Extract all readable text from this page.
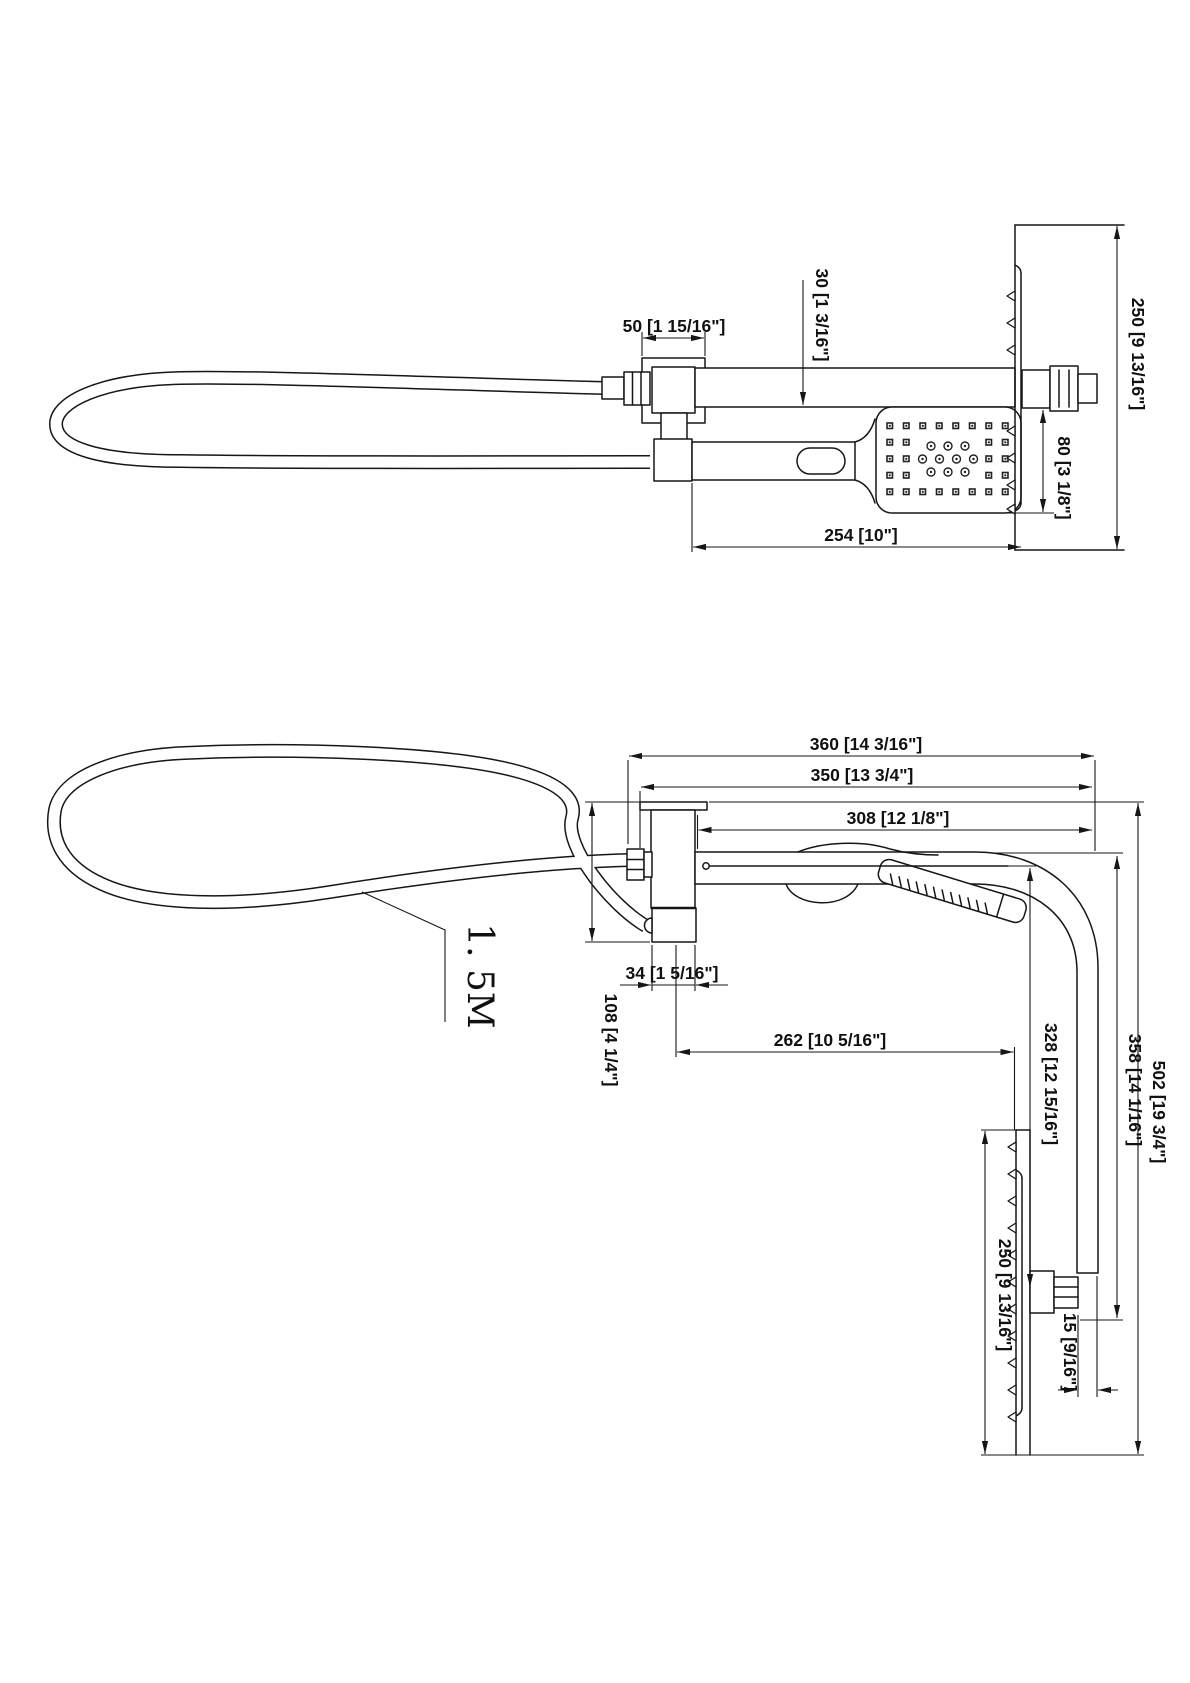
50 [1 15/16"]	30 [1 3/16"]	250 [9 13/16"]
80 [3 1/8"]
254 [10"]
1. 5M
360 [14 3/16"]
350 [13 3/4"]
308 [12 1/8"]
34 [1 5/16"]
108 [4 1/4"]	262 [10 5/16"]	328 [12 15/16"]	358 [14 1/16"] 502 [19 3/4"]
250 [9 13/16"]
15 [9/16"]
